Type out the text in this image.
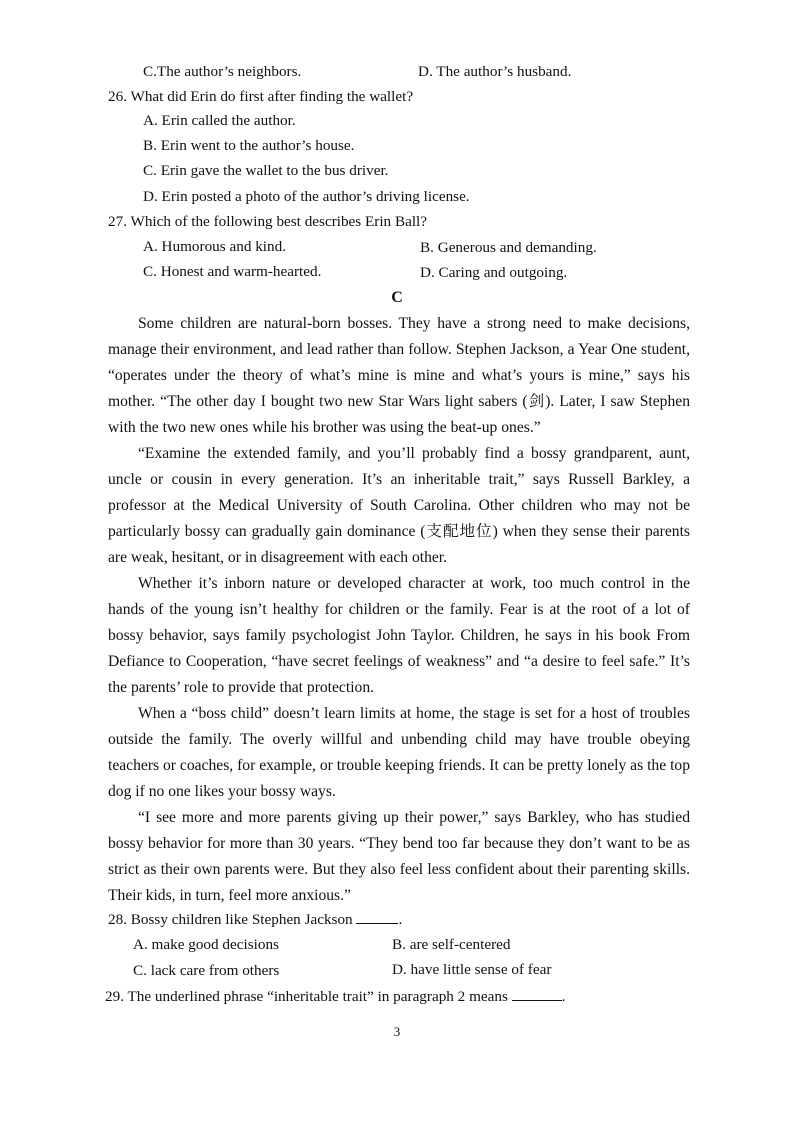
C.The author’s neighbors.	D. The author’s husband.
26. What did Erin do first after finding the wallet?
A. Erin called the author.
B. Erin went to the author’s house.
C. Erin gave the wallet to the bus driver.
D. Erin posted a photo of the author’s driving license.
27. Which of the following best describes Erin Ball?
A. Humorous and kind.	B. Generous and demanding.
C. Honest and warm-hearted.	D. Caring and outgoing.
C

Some children are natural-born bosses. They have a strong need to make decisions, manage their environment, and lead rather than follow. Stephen Jackson, a Year One student, “operates under the theory of what’s mine is mine and what’s yours is mine,” says his mother. “The other day I bought two new Star Wars light sabers (剑). Later, I saw Stephen with the two new ones while his brother was using the beat-up ones.”

“Examine the extended family, and you’ll probably find a bossy grandparent, aunt, uncle or cousin in every generation. It’s an inheritable trait,” says Russell Barkley, a professor at the Medical University of South Carolina. Other children who may not be particularly bossy can gradually gain dominance (支配地位) when they sense their parents are weak, hesitant, or in disagreement with each other.

Whether it’s inborn nature or developed character at work, too much control in the hands of the young isn’t healthy for children or the family. Fear is at the root of a lot of bossy behavior, says family psychologist John Taylor. Children, he says in his book From Defiance to Cooperation, “have secret feelings of weakness” and “a desire to feel safe.” It’s the parents’ role to provide that protection.

When a “boss child” doesn’t learn limits at home, the stage is set for a host of troubles outside the family. The overly willful and unbending child may have trouble obeying teachers or coaches, for example, or trouble keeping friends. It can be pretty lonely as the top dog if no one likes your bossy ways.

“I see more and more parents giving up their power,” says Barkley, who has studied bossy behavior for more than 30 years. “They bend too far because they don’t want to be as strict as their own parents were. But they also feel less confident about their parenting skills. Their kids, in turn, feel more anxious.”

28. Bossy children like Stephen Jackson	.
A. make good decisions	B. are self-centered
C. lack care from others	D. have little sense of fear
29. The underlined phrase “inheritable trait” in paragraph 2 means	.
3
